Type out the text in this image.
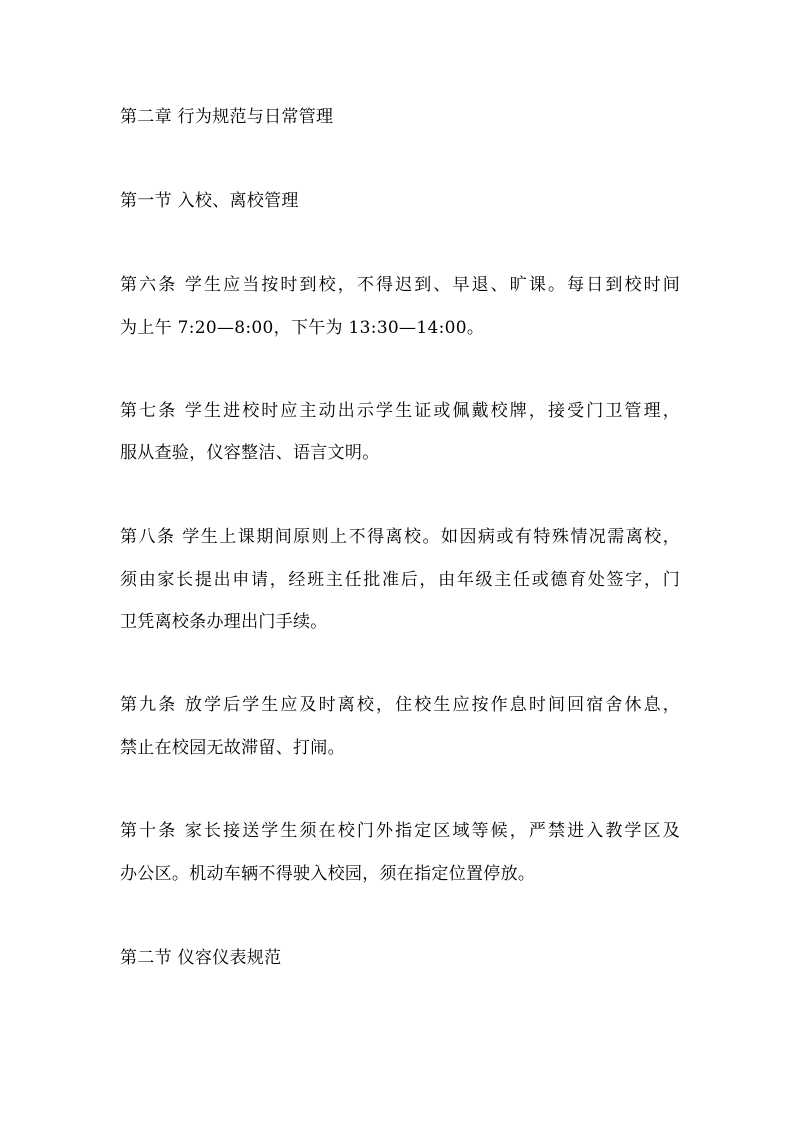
第二章 行为规范与日常管理
第一节 入校、离校管理
第六条 学生应当按时到校，不得迟到、早退、旷课。每日到校时间
为上午 7:20—8:00，下午为 13:30—14:00。
第七条 学生进校时应主动出示学生证或佩戴校牌，接受门卫管理，
服从查验，仪容整洁、语言文明。
第八条 学生上课期间原则上不得离校。如因病或有特殊情况需离校，
须由家长提出申请，经班主任批准后，由年级主任或德育处签字，门
卫凭离校条办理出门手续。
第九条 放学后学生应及时离校，住校生应按作息时间回宿舍休息，
禁止在校园无故滞留、打闹。
第十条 家长接送学生须在校门外指定区域等候，严禁进入教学区及
办公区。机动车辆不得驶入校园，须在指定位置停放。
第二节 仪容仪表规范
